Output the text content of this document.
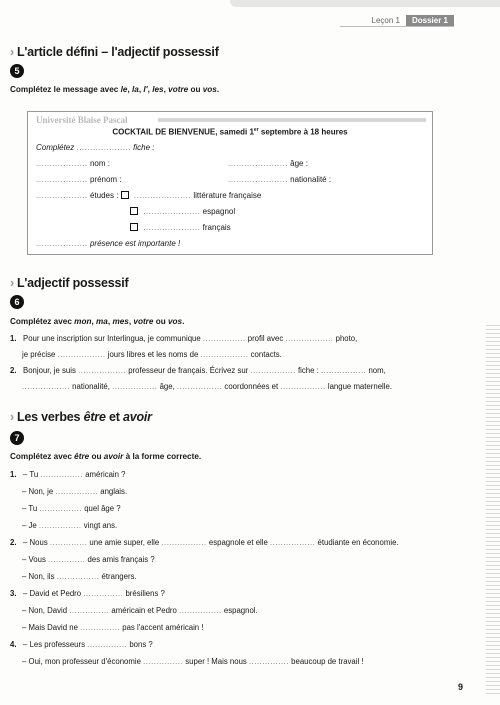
Leçon 1	Dossier 1
› L'article défini – l'adjectif possessif
5
Complétez le message avec le, la, l', les, votre ou vos.
Université Blaise Pascal
COCKTAIL DE BIENVENUE, samedi 1er septembre à 18 heures
Complétez .................... fiche :
................... nom :	...................... âge :
................... prénom :	...................... nationalité :
................... études : ..................... littérature française
..................... espagnol
..................... français
................... présence est importante !
› L'adjectif possessif
6
Complétez avec mon, ma, mes, votre ou vos.
1. Pour une inscription sur Interlingua, je communique ................ profil avec .................. photo,
je précise .................. jours libres et les noms de .................. contacts.
2. Bonjour, je suis .................. professeur de français. Écrivez sur ................. fiche : ................. nom,
.................. nationalité, ................. âge, ................. coordonnées et ................. langue maternelle.
› Les verbes être et avoir
7
Complétez avec être ou avoir à la forme correcte.
1. – Tu ................ américain ?
– Non, je ................ anglais.
– Tu ................ quel âge ?
– Je ................ vingt ans.
2. – Nous .............. une amie super, elle ................. espagnole et elle ................. étudiante en économie.
– Vous .............. des amis français ?
– Non, ils ................ étrangers.
3. – David et Pedro ............... brésiliens ?
– Non, David ............... américain et Pedro ................ espagnol.
– Mais David ne ............... pas l'accent américain !
4. – Les professeurs ............... bons ?
– Oui, mon professeur d'économie ............... super ! Mais nous ............... beaucoup de travail !
9
